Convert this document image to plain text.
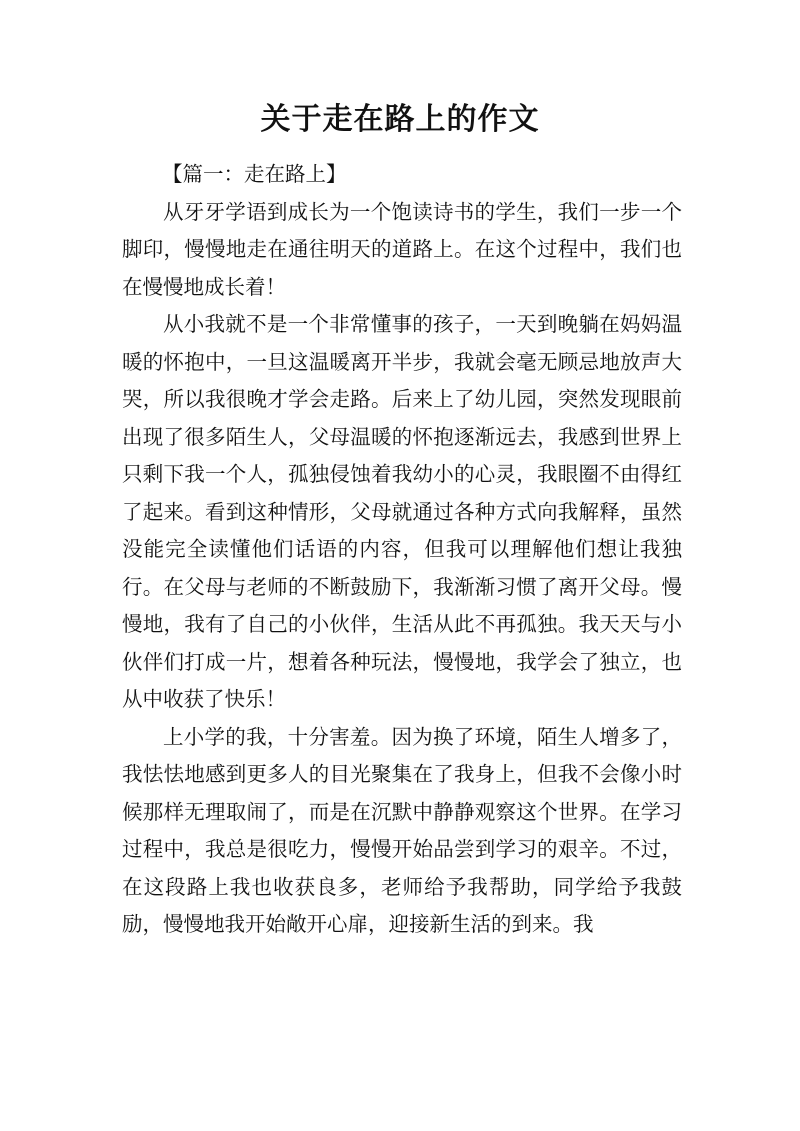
关于走在路上的作文

【篇一：走在路上】

从牙牙学语到成长为一个饱读诗书的学生，我们一步一个脚印，慢慢地走在通往明天的道路上。在这个过程中，我们也在慢慢地成长着！

从小我就不是一个非常懂事的孩子，一天到晚躺在妈妈温暖的怀抱中，一旦这温暖离开半步，我就会毫无顾忌地放声大哭，所以我很晚才学会走路。后来上了幼儿园，突然发现眼前出现了很多陌生人，父母温暖的怀抱逐渐远去，我感到世界上只剩下我一个人，孤独侵蚀着我幼小的心灵，我眼圈不由得红了起来。看到这种情形，父母就通过各种方式向我解释，虽然没能完全读懂他们话语的内容，但我可以理解他们想让我独行。在父母与老师的不断鼓励下，我渐渐习惯了离开父母。慢慢地，我有了自己的小伙伴，生活从此不再孤独。我天天与小伙伴们打成一片，想着各种玩法，慢慢地，我学会了独立，也从中收获了快乐！

上小学的我，十分害羞。因为换了环境，陌生人增多了，我怯怯地感到更多人的目光聚集在了我身上，但我不会像小时候那样无理取闹了，而是在沉默中静静观察这个世界。在学习过程中，我总是很吃力，慢慢开始品尝到学习的艰辛。不过，在这段路上我也收获良多，老师给予我帮助，同学给予我鼓励，慢慢地我开始敞开心扉，迎接新生活的到来。我
